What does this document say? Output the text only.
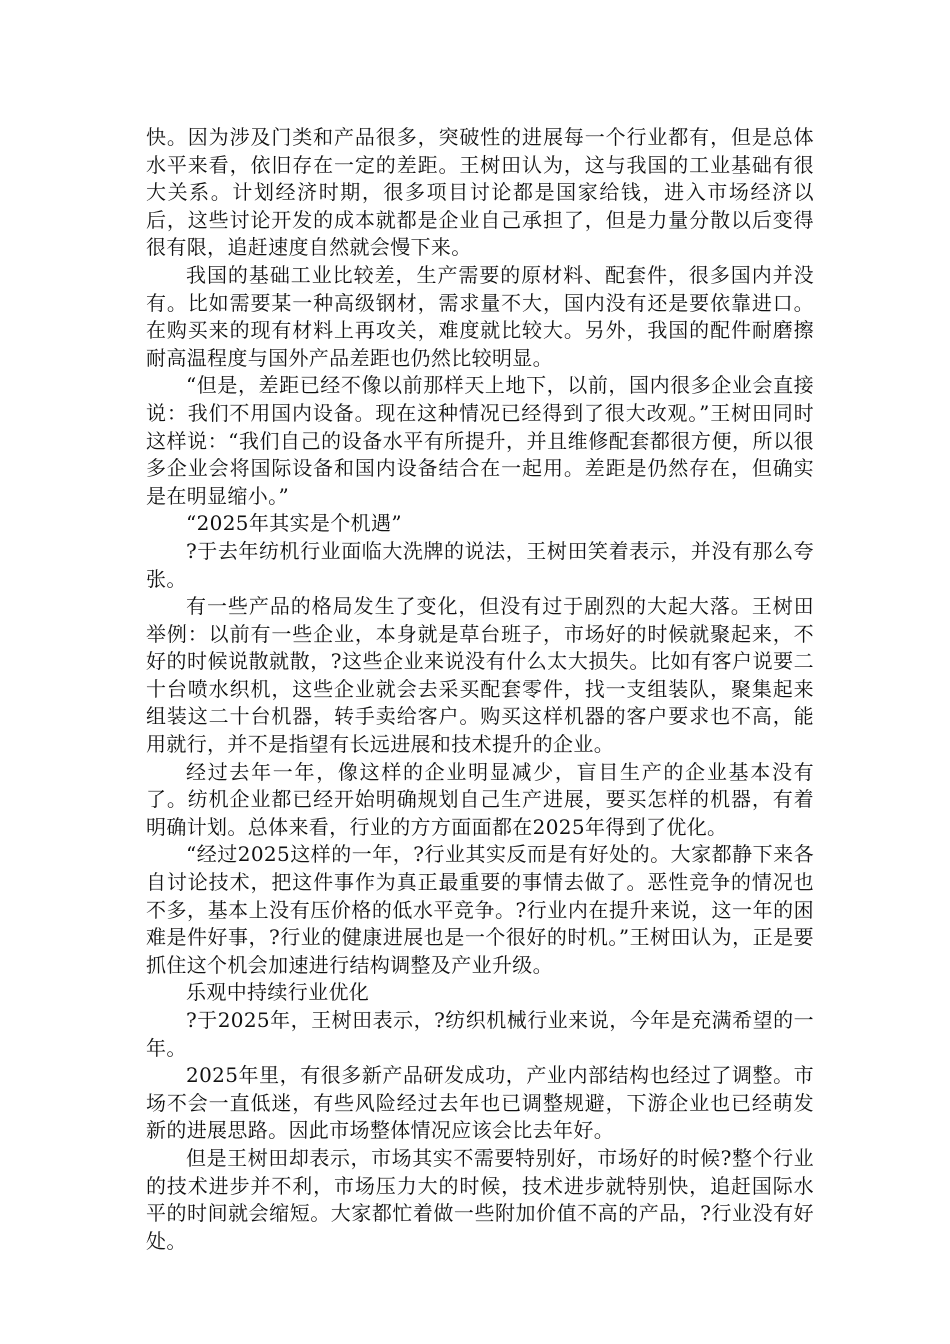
快。因为涉及门类和产品很多，突破性的进展每一个行业都有，但是总体水平来看，依旧存在一定的差距。王树田认为，这与我国的工业基础有很大关系。计划经济时期，很多项目讨论都是国家给钱，进入市场经济以后，这些讨论开发的成本就都是企业自己承担了，但是力量分散以后变得很有限，追赶速度自然就会慢下来。

我国的基础工业比较差，生产需要的原材料、配套件，很多国内并没有。比如需要某一种高级钢材，需求量不大，国内没有还是要依靠进口。在购买来的现有材料上再攻关，难度就比较大。另外，我国的配件耐磨擦耐高温程度与国外产品差距也仍然比较明显。

“但是，差距已经不像以前那样天上地下，以前，国内很多企业会直接说：我们不用国内设备。现在这种情况已经得到了很大改观。”王树田同时这样说：“我们自己的设备水平有所提升，并且维修配套都很方便，所以很多企业会将国际设备和国内设备结合在一起用。差距是仍然存在，但确实是在明显缩小。”

“2025年其实是个机遇”

?于去年纺机行业面临大洗牌的说法，王树田笑着表示，并没有那么夸张。

有一些产品的格局发生了变化，但没有过于剧烈的大起大落。王树田举例：以前有一些企业，本身就是草台班子，市场好的时候就聚起来，不好的时候说散就散，?这些企业来说没有什么太大损失。比如有客户说要二十台喷水织机，这些企业就会去采买配套零件，找一支组装队，聚集起来组装这二十台机器，转手卖给客户。购买这样机器的客户要求也不高，能用就行，并不是指望有长远进展和技术提升的企业。

经过去年一年，像这样的企业明显减少，盲目生产的企业基本没有了。纺机企业都已经开始明确规划自己生产进展，要买怎样的机器，有着明确计划。总体来看，行业的方方面面都在2025年得到了优化。

“经过2025这样的一年，?行业其实反而是有好处的。大家都静下来各自讨论技术，把这件事作为真正最重要的事情去做了。恶性竞争的情况也不多，基本上没有压价格的低水平竞争。?行业内在提升来说，这一年的困难是件好事，?行业的健康进展也是一个很好的时机。”王树田认为，正是要抓住这个机会加速进行结构调整及产业升级。

乐观中持续行业优化

?于2025年，王树田表示，?纺织机械行业来说，今年是充满希望的一年。

2025年里，有很多新产品研发成功，产业内部结构也经过了调整。市场不会一直低迷，有些风险经过去年也已调整规避，下游企业也已经萌发新的进展思路。因此市场整体情况应该会比去年好。

但是王树田却表示，市场其实不需要特别好，市场好的时候?整个行业的技术进步并不利，市场压力大的时候，技术进步就特别快，追赶国际水平的时间就会缩短。大家都忙着做一些附加价值不高的产品，?行业没有好处。
